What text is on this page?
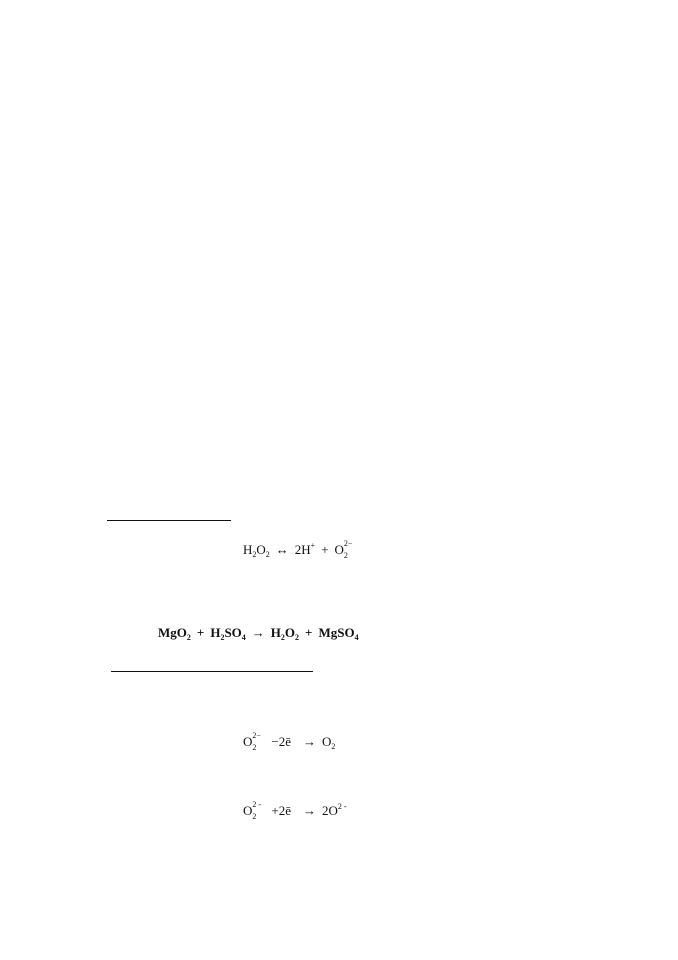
$H_2O_2$ ↔ 2H+ + O 2−
2
$MgO_2 + H_2SO_4 \to H_2O_2$ + MgSO$_4$
O 2−
2 −2ē → $O_2$
O 2 -
2 +2ē → $2O^{2 -}$
